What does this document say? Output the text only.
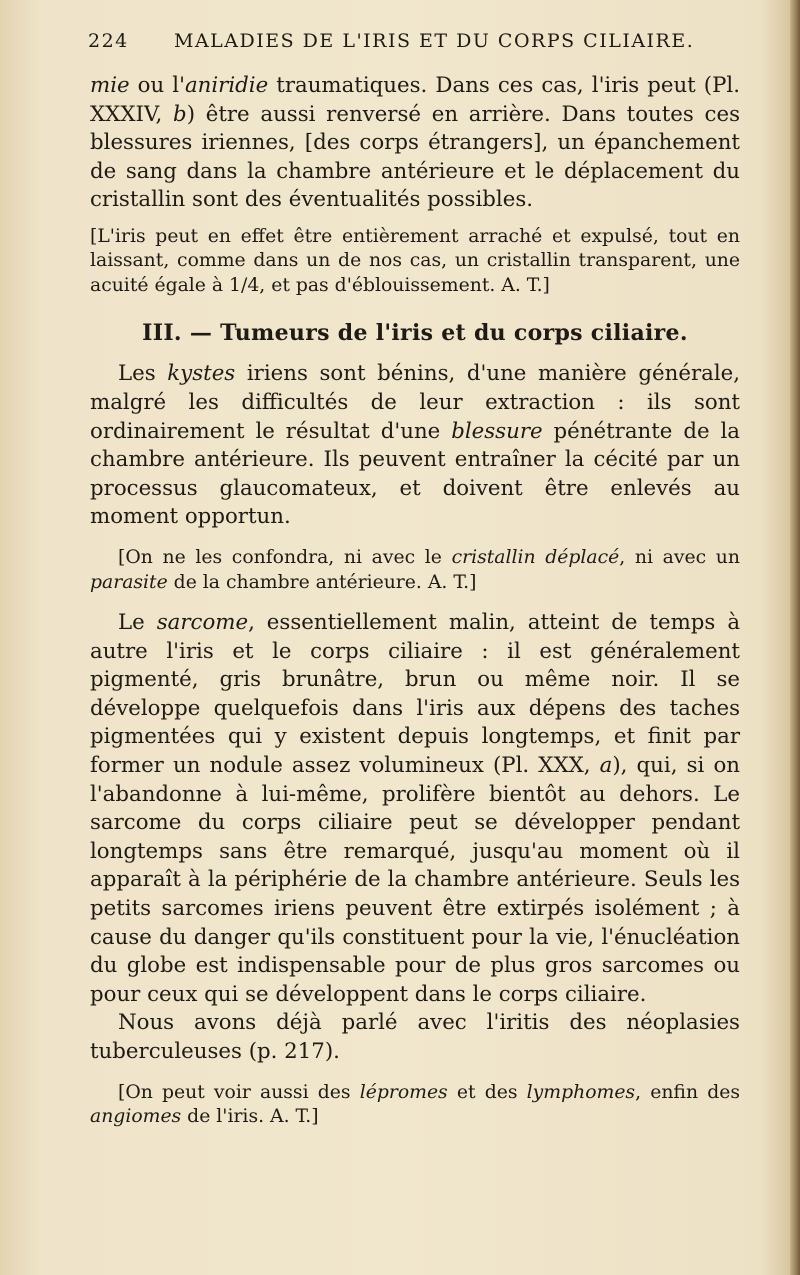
224 MALADIES DE L'IRIS ET DU CORPS CILIAIRE.

mie ou l'aniridie traumatiques. Dans ces cas, l'iris peut (Pl. XXXIV, b) être aussi renversé en arrière. Dans toutes ces blessures iriennes, [des corps étrangers], un épanchement de sang dans la chambre antérieure et le déplacement du cristallin sont des éventualités possibles.

[L'iris peut en effet être entièrement arraché et expulsé, tout en laissant, comme dans un de nos cas, un cristallin transparent, une acuité égale à 1/4, et pas d'éblouissement. A. T.]

III. — Tumeurs de l'iris et du corps ciliaire.

Les kystes iriens sont bénins, d'une manière générale, malgré les difficultés de leur extraction : ils sont ordinairement le résultat d'une blessure pénétrante de la chambre antérieure. Ils peuvent entraîner la cécité par un processus glaucomateux, et doivent être enlevés au moment opportun.

[On ne les confondra, ni avec le cristallin déplacé, ni avec un parasite de la chambre antérieure. A. T.]

Le sarcome, essentiellement malin, atteint de temps à autre l'iris et le corps ciliaire : il est généralement pigmenté, gris brunâtre, brun ou même noir. Il se développe quelquefois dans l'iris aux dépens des taches pigmentées qui y existent depuis longtemps, et finit par former un nodule assez volumineux (Pl. XXX, a), qui, si on l'abandonne à lui-même, prolifère bientôt au dehors. Le sarcome du corps ciliaire peut se développer pendant longtemps sans être remarqué, jusqu'au moment où il apparaît à la périphérie de la chambre antérieure. Seuls les petits sarcomes iriens peuvent être extirpés isolément ; à cause du danger qu'ils constituent pour la vie, l'énucléation du globe est indispensable pour de plus gros sarcomes ou pour ceux qui se développent dans le corps ciliaire.

Nous avons déjà parlé avec l'iritis des néoplasies tuberculeuses (p. 217).

[On peut voir aussi des lépromes et des lymphomes, enfin des angiomes de l'iris. A. T.]
